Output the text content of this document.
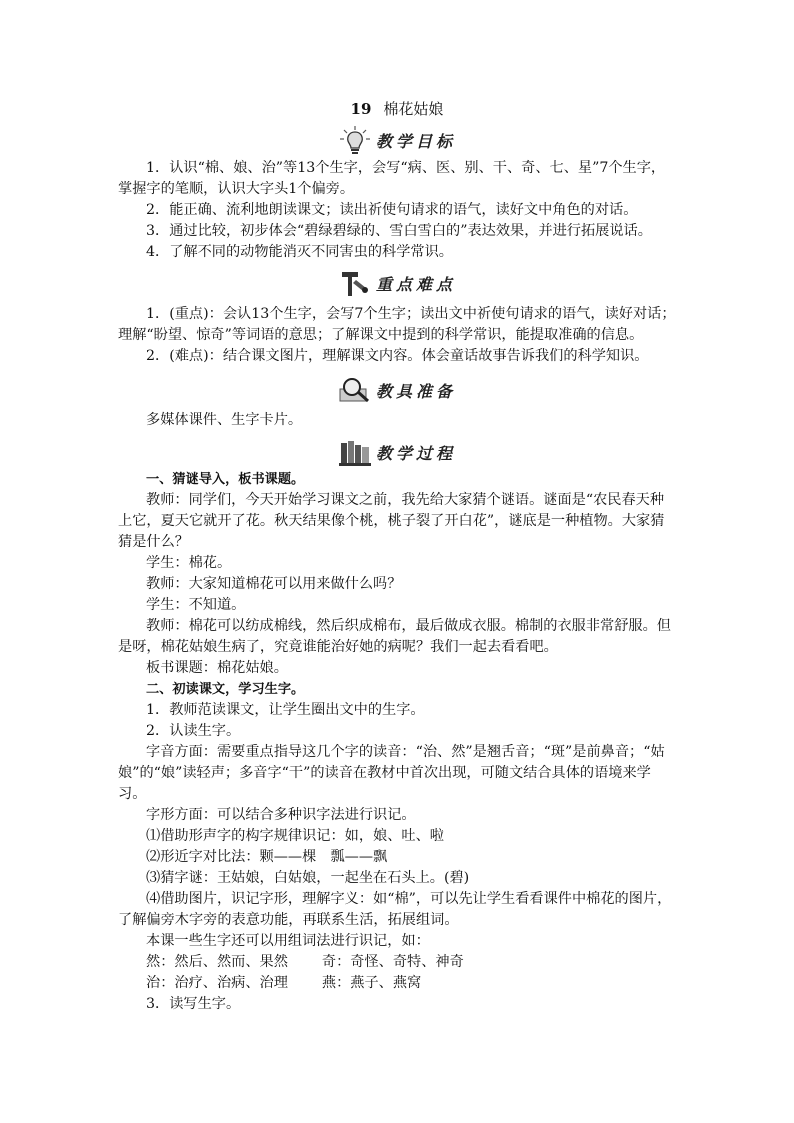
19 棉花姑娘
教学目标

1．认识“棉、娘、治”等13个生字，会写“病、医、别、干、奇、七、星”7个生字，掌握字的笔顺，认识大字头1个偏旁。

2．能正确、流利地朗读课文；读出祈使句请求的语气，读好文中角色的对话。

3．通过比较，初步体会“碧绿碧绿的、雪白雪白的”表达效果，并进行拓展说话。

4．了解不同的动物能消灭不同害虫的科学常识。

重点难点

1．(重点)：会认13个生字，会写7个生字；读出文中祈使句请求的语气，读好对话；理解“盼望、惊奇”等词语的意思；了解课文中提到的科学常识，能提取准确的信息。

2．(难点)：结合课文图片，理解课文内容。体会童话故事告诉我们的科学知识。

教具准备

多媒体课件、生字卡片。

教学过程

一、猜谜导入，板书课题。

教师：同学们，今天开始学习课文之前，我先给大家猜个谜语。谜面是“农民春天种上它，夏天它就开了花。秋天结果像个桃，桃子裂了开白花”，谜底是一种植物。大家猜猜是什么？

学生：棉花。

教师：大家知道棉花可以用来做什么吗？

学生：不知道。

教师：棉花可以纺成棉线，然后织成棉布，最后做成衣服。棉制的衣服非常舒服。但是呀，棉花姑娘生病了，究竟谁能治好她的病呢？我们一起去看看吧。

板书课题：棉花姑娘。

二、初读课文，学习生字。

1．教师范读课文，让学生圈出文中的生字。

2．认读生字。

字音方面：需要重点指导这几个字的读音：“治、然”是翘舌音；“斑”是前鼻音；“姑娘”的“娘”读轻声；多音字“干”的读音在教材中首次出现，可随文结合具体的语境来学习。

字形方面：可以结合多种识字法进行识记。

⑴借助形声字的构字规律识记：如，娘、吐、啦

⑵形近字对比法：颗——棵　瓢——飘

⑶猜字谜：王姑娘，白姑娘，一起坐在石头上。(碧)

⑷借助图片，识记字形，理解字义：如“棉”，可以先让学生看看课件中棉花的图片，了解偏旁木字旁的表意功能，再联系生活，拓展组词。

本课一些生字还可以用组词法进行识记，如：

然：然后、然而、果然 奇：奇怪、奇特、神奇

治：治疗、治病、治理 燕：燕子、燕窝

3．读写生字。
